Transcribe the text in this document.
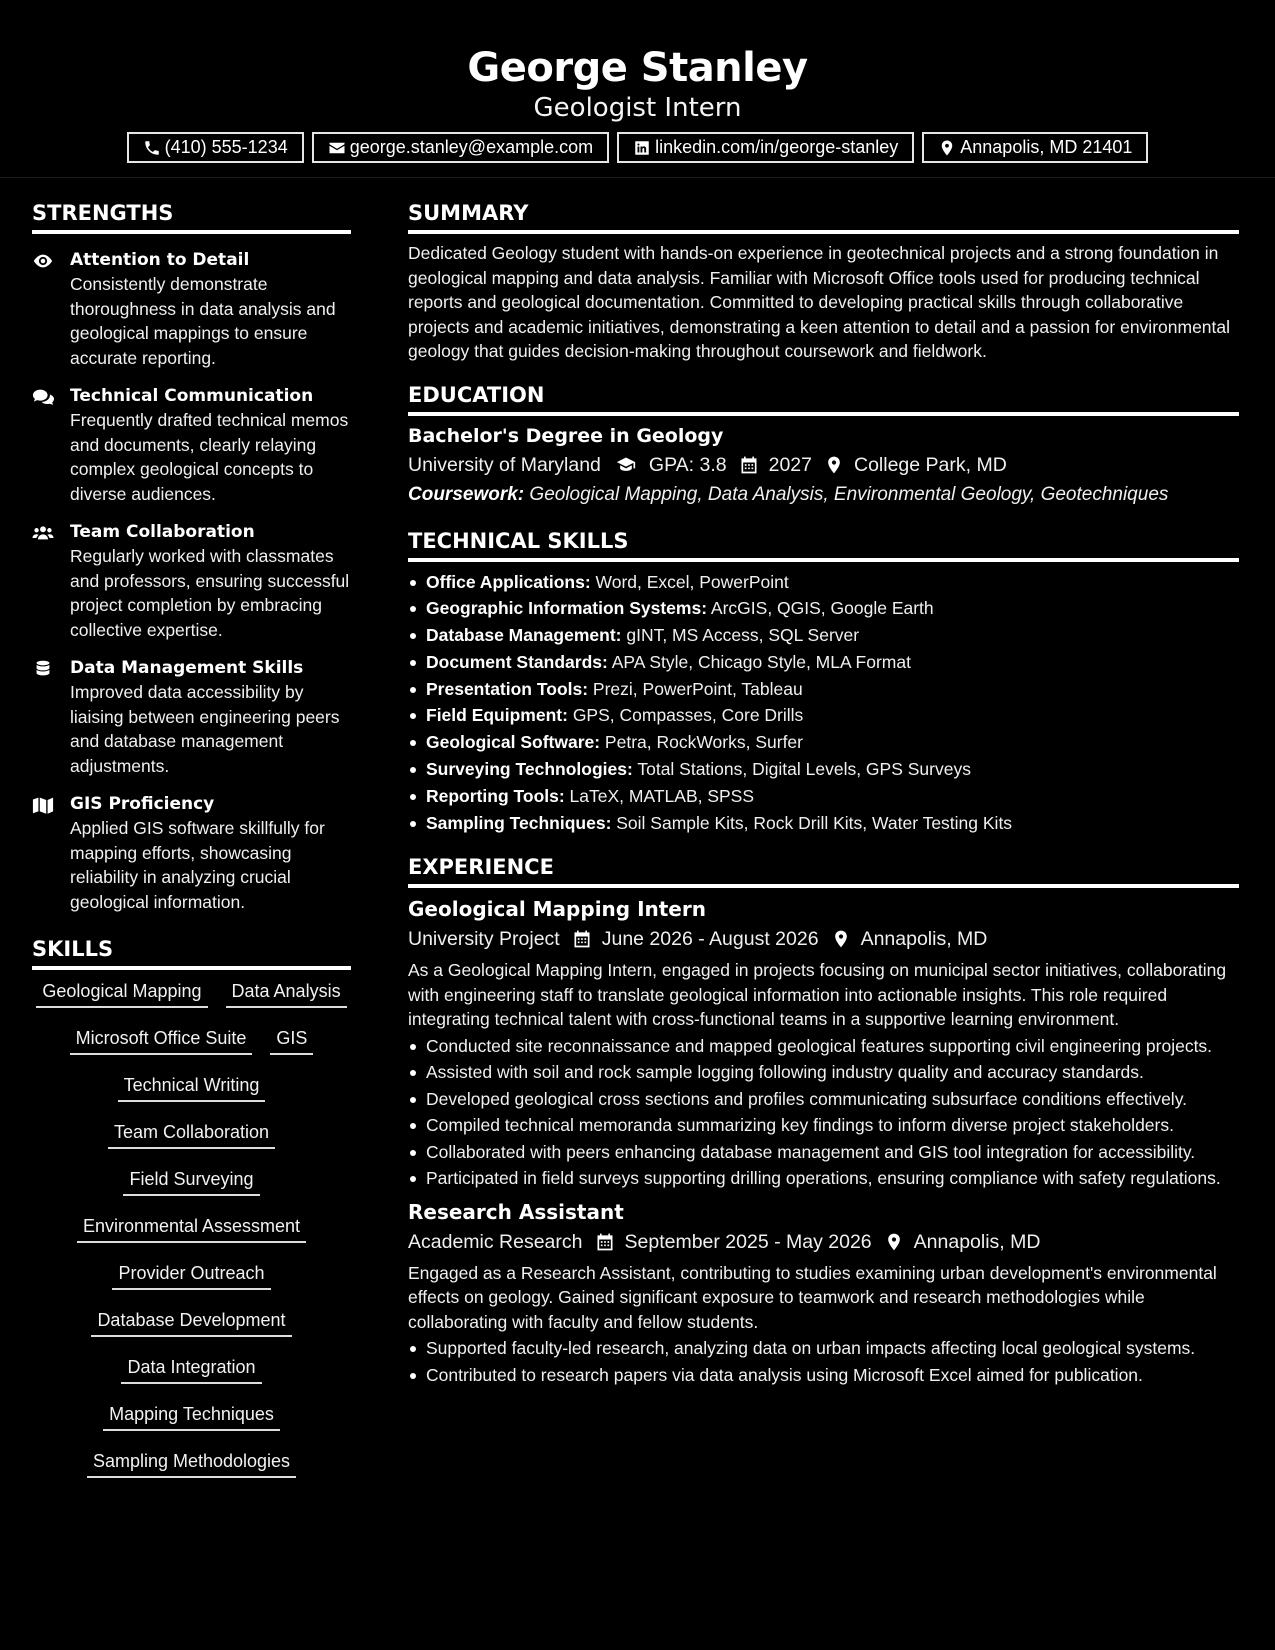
George Stanley
Geologist Intern
(410) 555-1234	george.stanley@example.com	linkedin.com/in/george-stanley	Annapolis, MD 21401
STRENGTHS
Attention to Detail
Consistently demonstrate thoroughness in data analysis and geological mappings to ensure accurate reporting.
Technical Communication
Frequently drafted technical memos and documents, clearly relaying complex geological concepts to diverse audiences.
Team Collaboration
Regularly worked with classmates and professors, ensuring successful project completion by embracing collective expertise.
Data Management Skills
Improved data accessibility by liaising between engineering peers and database management adjustments.
GIS Proficiency
Applied GIS software skillfully for mapping efforts, showcasing reliability in analyzing crucial geological information.
SKILLS
Geological Mapping	Data Analysis
Microsoft Office Suite	GIS
Technical Writing
Team Collaboration
Field Surveying
Environmental Assessment
Provider Outreach
Database Development
Data Integration
Mapping Techniques
Sampling Methodologies
SUMMARY
Dedicated Geology student with hands-on experience in geotechnical projects and a strong foundation in geological mapping and data analysis. Familiar with Microsoft Office tools used for producing technical reports and geological documentation. Committed to developing practical skills through collaborative projects and academic initiatives, demonstrating a keen attention to detail and a passion for environmental geology that guides decision-making throughout coursework and fieldwork.
EDUCATION
Bachelor's Degree in Geology
University of Maryland GPA: 3.8 2027 College Park, MD
Coursework: Geological Mapping, Data Analysis, Environmental Geology, Geotechniques
TECHNICAL SKILLS
Office Applications: Word, Excel, PowerPoint
Geographic Information Systems: ArcGIS, QGIS, Google Earth
Database Management: gINT, MS Access, SQL Server
Document Standards: APA Style, Chicago Style, MLA Format
Presentation Tools: Prezi, PowerPoint, Tableau
Field Equipment: GPS, Compasses, Core Drills
Geological Software: Petra, RockWorks, Surfer
Surveying Technologies: Total Stations, Digital Levels, GPS Surveys
Reporting Tools: LaTeX, MATLAB, SPSS
Sampling Techniques: Soil Sample Kits, Rock Drill Kits, Water Testing Kits
EXPERIENCE
Geological Mapping Intern
University Project June 2026 - August 2026 Annapolis, MD
As a Geological Mapping Intern, engaged in projects focusing on municipal sector initiatives, collaborating with engineering staff to translate geological information into actionable insights. This role required integrating technical talent with cross-functional teams in a supportive learning environment.
Conducted site reconnaissance and mapped geological features supporting civil engineering projects.
Assisted with soil and rock sample logging following industry quality and accuracy standards.
Developed geological cross sections and profiles communicating subsurface conditions effectively.
Compiled technical memoranda summarizing key findings to inform diverse project stakeholders.
Collaborated with peers enhancing database management and GIS tool integration for accessibility.
Participated in field surveys supporting drilling operations, ensuring compliance with safety regulations.
Research Assistant
Academic Research September 2025 - May 2026 Annapolis, MD
Engaged as a Research Assistant, contributing to studies examining urban development's environmental effects on geology. Gained significant exposure to teamwork and research methodologies while collaborating with faculty and fellow students.
Supported faculty-led research, analyzing data on urban impacts affecting local geological systems.
Contributed to research papers via data analysis using Microsoft Excel aimed for publication.
